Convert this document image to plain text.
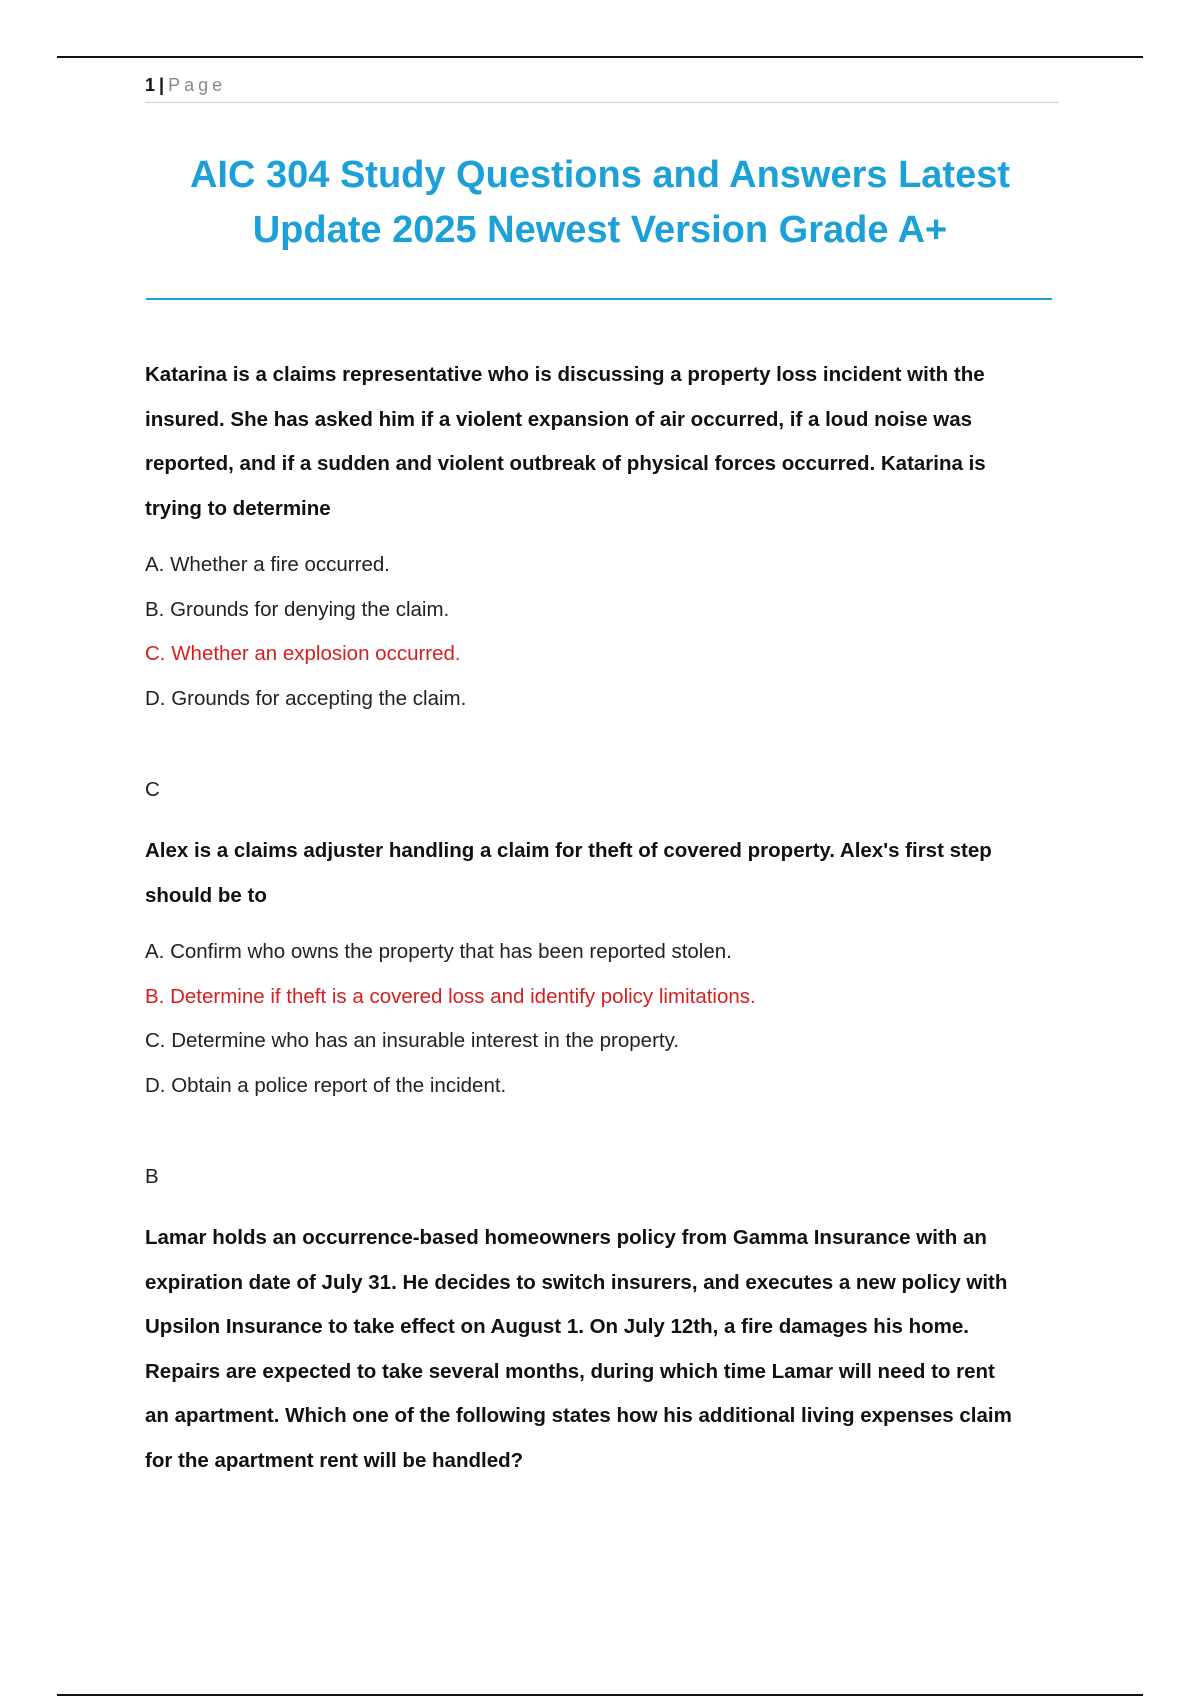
1 | Page
AIC 304 Study Questions and Answers Latest
Update 2025 Newest Version Grade A+
Katarina is a claims representative who is discussing a property loss incident with the
insured. She has asked him if a violent expansion of air occurred, if a loud noise was
reported, and if a sudden and violent outbreak of physical forces occurred. Katarina is
trying to determine
A. Whether a fire occurred.
B. Grounds for denying the claim.
C. Whether an explosion occurred.
D. Grounds for accepting the claim.
C
Alex is a claims adjuster handling a claim for theft of covered property. Alex's first step
should be to
A. Confirm who owns the property that has been reported stolen.
B. Determine if theft is a covered loss and identify policy limitations.
C. Determine who has an insurable interest in the property.
D. Obtain a police report of the incident.
B
Lamar holds an occurrence-based homeowners policy from Gamma Insurance with an
expiration date of July 31. He decides to switch insurers, and executes a new policy with
Upsilon Insurance to take effect on August 1. On July 12th, a fire damages his home.
Repairs are expected to take several months, during which time Lamar will need to rent
an apartment. Which one of the following states how his additional living expenses claim
for the apartment rent will be handled?
